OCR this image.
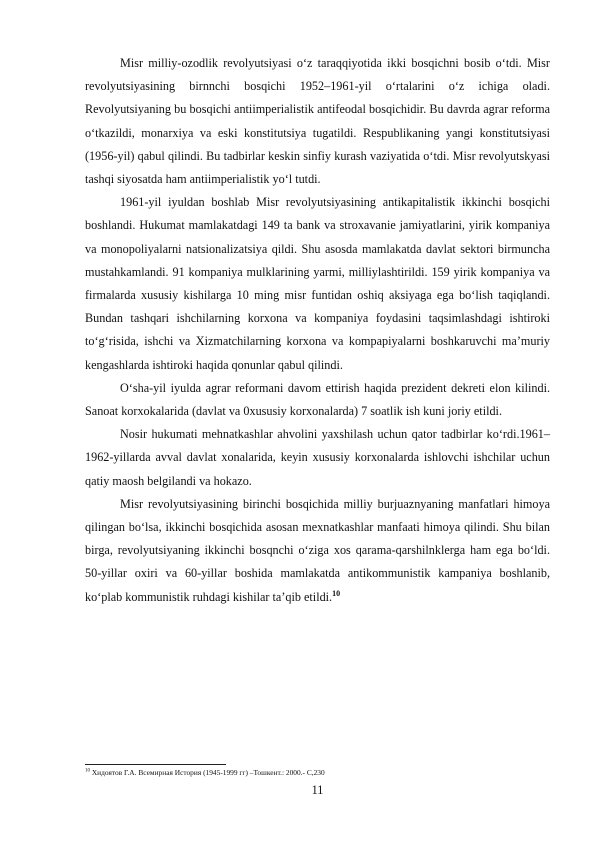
Misr milliy-ozodlik revolyutsiyasi o‘z taraqqiyotida ikki bosqichni bosib o‘tdi. Misr revolyutsiyasining birnnchi bosqichi 1952–1961-yil o‘rtalarini o‘z ichiga oladi. Revolyutsiyaning bu bosqichi antiimperialistik antifeodal bosqichidir. Bu davrda agrar reforma o‘tkazildi, monarxiya va eski konstitutsiya tugatildi. Respublikaning yangi konstitutsiyasi (1956-yil) qabul qilindi. Bu tadbirlar keskin sinfiy kurash vaziyatida o‘tdi. Misr revolyutskyasi tashqi siyosatda ham antiimperialistik yo‘l tutdi.

1961-yil iyuldan boshlab Misr revolyutsiyasining antikapitalistik ikkinchi bosqichi boshlandi. Hukumat mamlakatdagi 149 ta bank va stroxavanie jamiyatlarini, yirik kompaniya va monopoliyalarni natsionalizatsiya qildi. Shu asosda mamlakatda davlat sektori birmuncha mustahkamlandi. 91 kompaniya mulklarining yarmi, milliylashtirildi. 159 yirik kompaniya va firmalarda xususiy kishilarga 10 ming misr funtidan oshiq aksiyaga ega bo‘lish taqiqlandi. Bundan tashqari ishchilarning korxona va kompaniya foydasini taqsimlashdagi ishtiroki to‘g‘risida, ishchi va Xizmatchilarning korxona va kompapiyalarni boshkaruvchi ma’muriy kengashlarda ishtiroki haqida qonunlar qabul qilindi.

O‘sha-yil iyulda agrar reformani davom ettirish haqida prezident dekreti elon kilindi. Sanoat korxokalarida (davlat va 0xususiy korxonalarda) 7 soatlik ish kuni joriy etildi.

Nosir hukumati mehnatkashlar ahvolini yaxshilash uchun qator tadbirlar ko‘rdi.1961–1962-yillarda avval davlat xonalarida, keyin xususiy korxonalarda ishlovchi ishchilar uchun qatiy maosh belgilandi va hokazo.

Misr revolyutsiyasining birinchi bosqichida milliy burjuaznyaning manfatlari himoya qilingan bo‘lsa, ikkinchi bosqichida asosan mexnatkashlar manfaati himoya qilindi. Shu bilan birga, revolyutsiyaning ikkinchi bosqnchi o‘ziga xos qarama-qarshilnklerga ham ega bo‘ldi. 50-yillar oxiri va 60-yillar boshida mamlakatda antikommunistik kampaniya boshlanib, ko‘plab kommunistik ruhdagi kishilar ta’qib etildi.$^{10}$

$^{10}$ Хидоятов Г.А. Всемирная История (1945-1999 гг) –Тошкент.: 2000.- С,230
11
